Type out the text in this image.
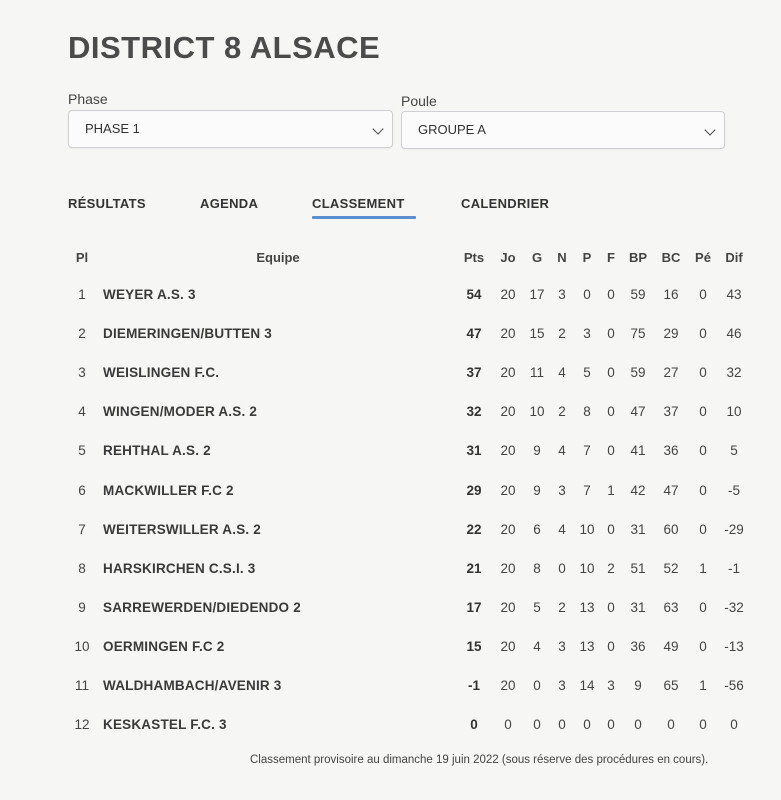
DISTRICT 8 ALSACE
Phase
PHASE 1
Poule
GROUPE A
RÉSULTATS	AGENDA	CLASSEMENT	CALENDRIER
Pl	Equipe	Pts Jo G N P F BP BC Pé Dif
1 WEYER A.S. 3	54 20 17 3 0 0 59 16 0 43
2 DIEMERINGEN/BUTTEN 3	47 20 15 2 3 0 75 29 0 46
3 WEISLINGEN F.C.	37 20 11 4 5 0 59 27 0 32
4 WINGEN/MODER A.S. 2	32 20 10 2 8 0 47 37 0 10
5 REHTHAL A.S. 2	31 20 9 4 7 0 41 36 0 5
6 MACKWILLER F.C 2	29 20 9 3 7 1 42 47 0 -5
7 WEITERSWILLER A.S. 2	22 20 6 4 10 0 31 60 0 -29
8 HARSKIRCHEN C.S.I. 3	21 20 8 0 10 2 51 52 1 -1
9 SARREWERDEN/DIEDENDO 2	17 20 5 2 13 0 31 63 0 -32
10 OERMINGEN F.C 2	15 20 4 3 13 0 36 49 0 -13
11 WALDHAMBACH/AVENIR 3	-1 20 0 3 14 3 9 65 1 -56
12 KESKASTEL F.C. 3	0 0 0 0 0 0 0 0 0 0
Classement provisoire au dimanche 19 juin 2022 (sous réserve des procédures en cours).
